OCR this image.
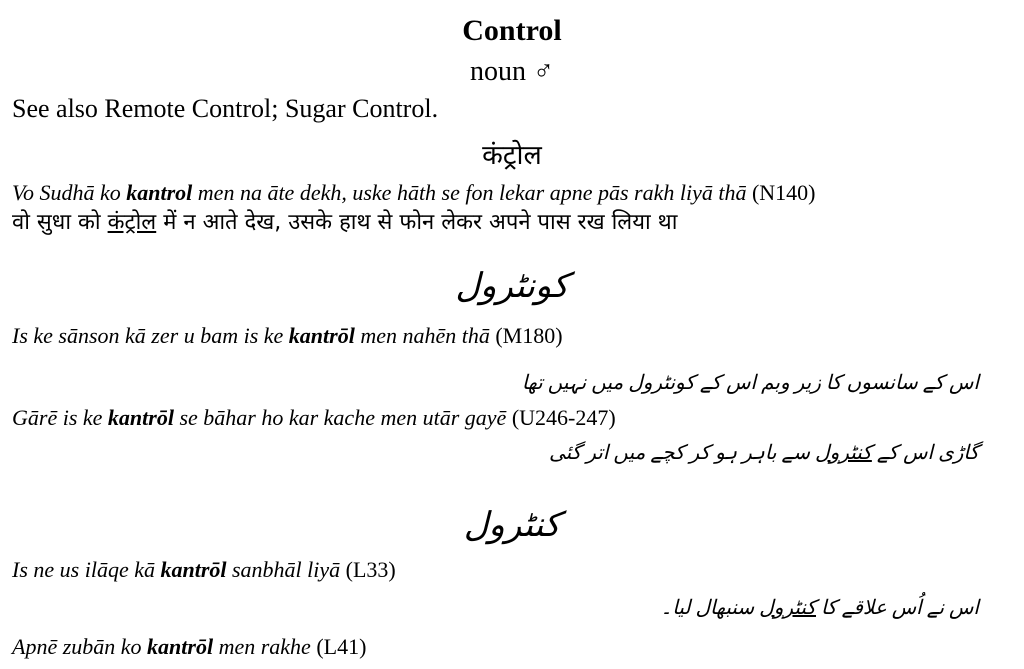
Control
noun ♂
See also Remote Control; Sugar Control.
कंट्रोल
Vo Sudhā ko kantrol men na āte dekh, uske hāth se fon lekar apne pās rakh liyā thā (N140)
वो सुधा को कंट्रोल में न आते देख, उसके हाथ से फोन लेकर अपने पास रख लिया था
کونٹرول
Is ke sānson kā zer u bam is ke kantrōl men nahēn thā (M180)
اس کے سانسوں کا زیر وبم اس کے کونٹرول میں نہیں تھا
Gārē is ke kantrōl se bāhar ho kar kache men utār gayē (U246-247)
گاڑی اس کے کنٹرول سے باہر ہو کر کچے میں اتر گئی
کنٹرول
Is ne us ilāqe kā kantrōl sanbhāl liyā (L33)
اس نے اُس علاقے کا کنٹرول سنبھال لیا۔
Apnē zubān ko kantrōl men rakhe (L41)
